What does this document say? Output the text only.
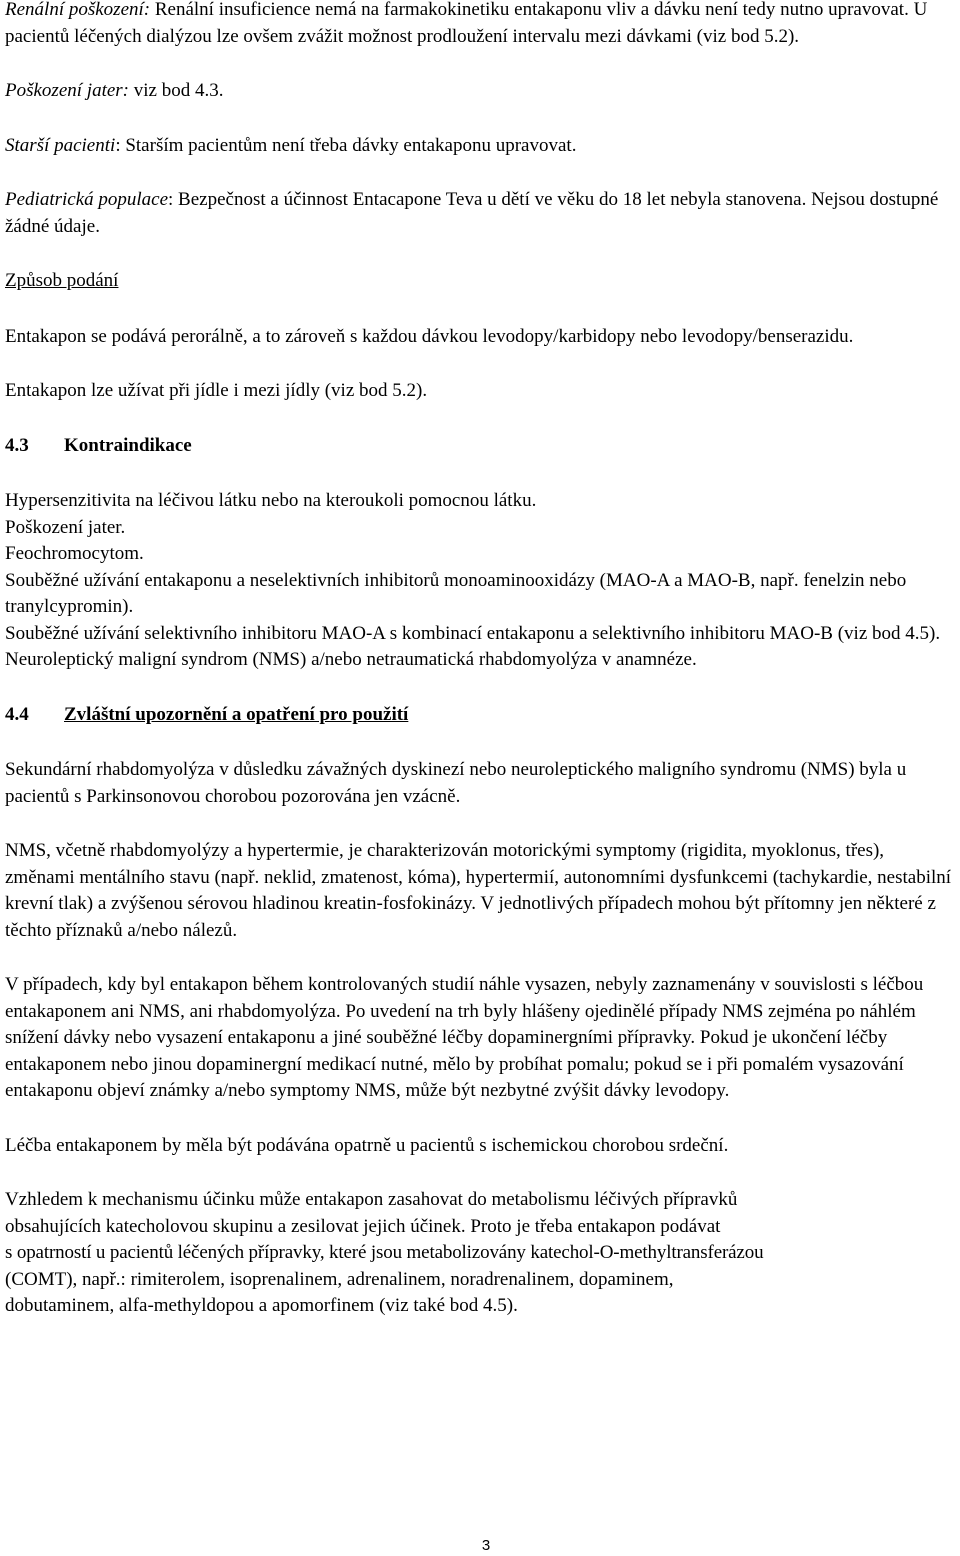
Renální poškození: Renální insuficience nemá na farmakokinetiku entakaponu vliv a dávku není tedy nutno upravovat. U pacientů léčených dialýzou lze ovšem zvážit možnost prodloužení intervalu mezi dávkami (viz bod 5.2).

Poškození jater: viz bod 4.3.

Starší pacienti: Starším pacientům není třeba dávky entakaponu upravovat.

Pediatrická populace: Bezpečnost a účinnost Entacapone Teva u dětí ve věku do 18 let nebyla stanovena. Nejsou dostupné žádné údaje.

Způsob podání

Entakapon se podává perorálně, a to zároveň s každou dávkou levodopy/karbidopy nebo levodopy/benserazidu.

Entakapon lze užívat při jídle i mezi jídly (viz bod 5.2).

4.3	Kontraindikace

Hypersenzitivita na léčivou látku nebo na kteroukoli pomocnou látku.

Poškození jater.

Feochromocytom.

Souběžné užívání entakaponu a neselektivních inhibitorů monoaminooxidázy (MAO-A a MAO-B, např. fenelzin nebo tranylcypromin).

Souběžné užívání selektivního inhibitoru MAO-A s kombinací entakaponu a selektivního inhibitoru MAO-B (viz bod 4.5).

Neuroleptický maligní syndrom (NMS) a/nebo netraumatická rhabdomyolýza v anamnéze.

4.4	Zvláštní upozornění a opatření pro použití

Sekundární rhabdomyolýza v důsledku závažných dyskinezí nebo neuroleptického maligního syndromu (NMS) byla u pacientů s Parkinsonovou chorobou pozorována jen vzácně.

NMS, včetně rhabdomyolýzy a hypertermie, je charakterizován motorickými symptomy (rigidita, myoklonus, třes), změnami mentálního stavu (např. neklid, zmatenost, kóma), hypertermií, autonomními dysfunkcemi (tachykardie, nestabilní krevní tlak) a zvýšenou sérovou hladinou kreatin-fosfokinázy. V jednotlivých případech mohou být přítomny jen některé z těchto příznaků a/nebo nálezů.

V případech, kdy byl entakapon během kontrolovaných studií náhle vysazen, nebyly zaznamenány v souvislosti s léčbou entakaponem ani NMS, ani rhabdomyolýza. Po uvedení na trh byly hlášeny ojedinělé případy NMS zejména po náhlém snížení dávky nebo vysazení entakaponu a jiné souběžné léčby dopaminergními přípravky. Pokud je ukončení léčby entakaponem nebo jinou dopaminergní medikací nutné, mělo by probíhat pomalu; pokud se i při pomalém vysazování entakaponu objeví známky a/nebo symptomy NMS, může být nezbytné zvýšit dávky levodopy.

Léčba entakaponem by měla být podávána opatrně u pacientů s ischemickou chorobou srdeční.

Vzhledem k mechanismu účinku může entakapon zasahovat do metabolismu léčivých přípravků
obsahujících katecholovou skupinu a zesilovat jejich účinek. Proto je třeba entakapon podávat
s opatrností u pacientů léčených přípravky, které jsou metabolizovány katechol-O-methyltransferázou
(COMT), např.: rimiterolem, isoprenalinem, adrenalinem, noradrenalinem, dopaminem,
dobutaminem, alfa-methyldopou a apomorfinem (viz také bod 4.5).

3
